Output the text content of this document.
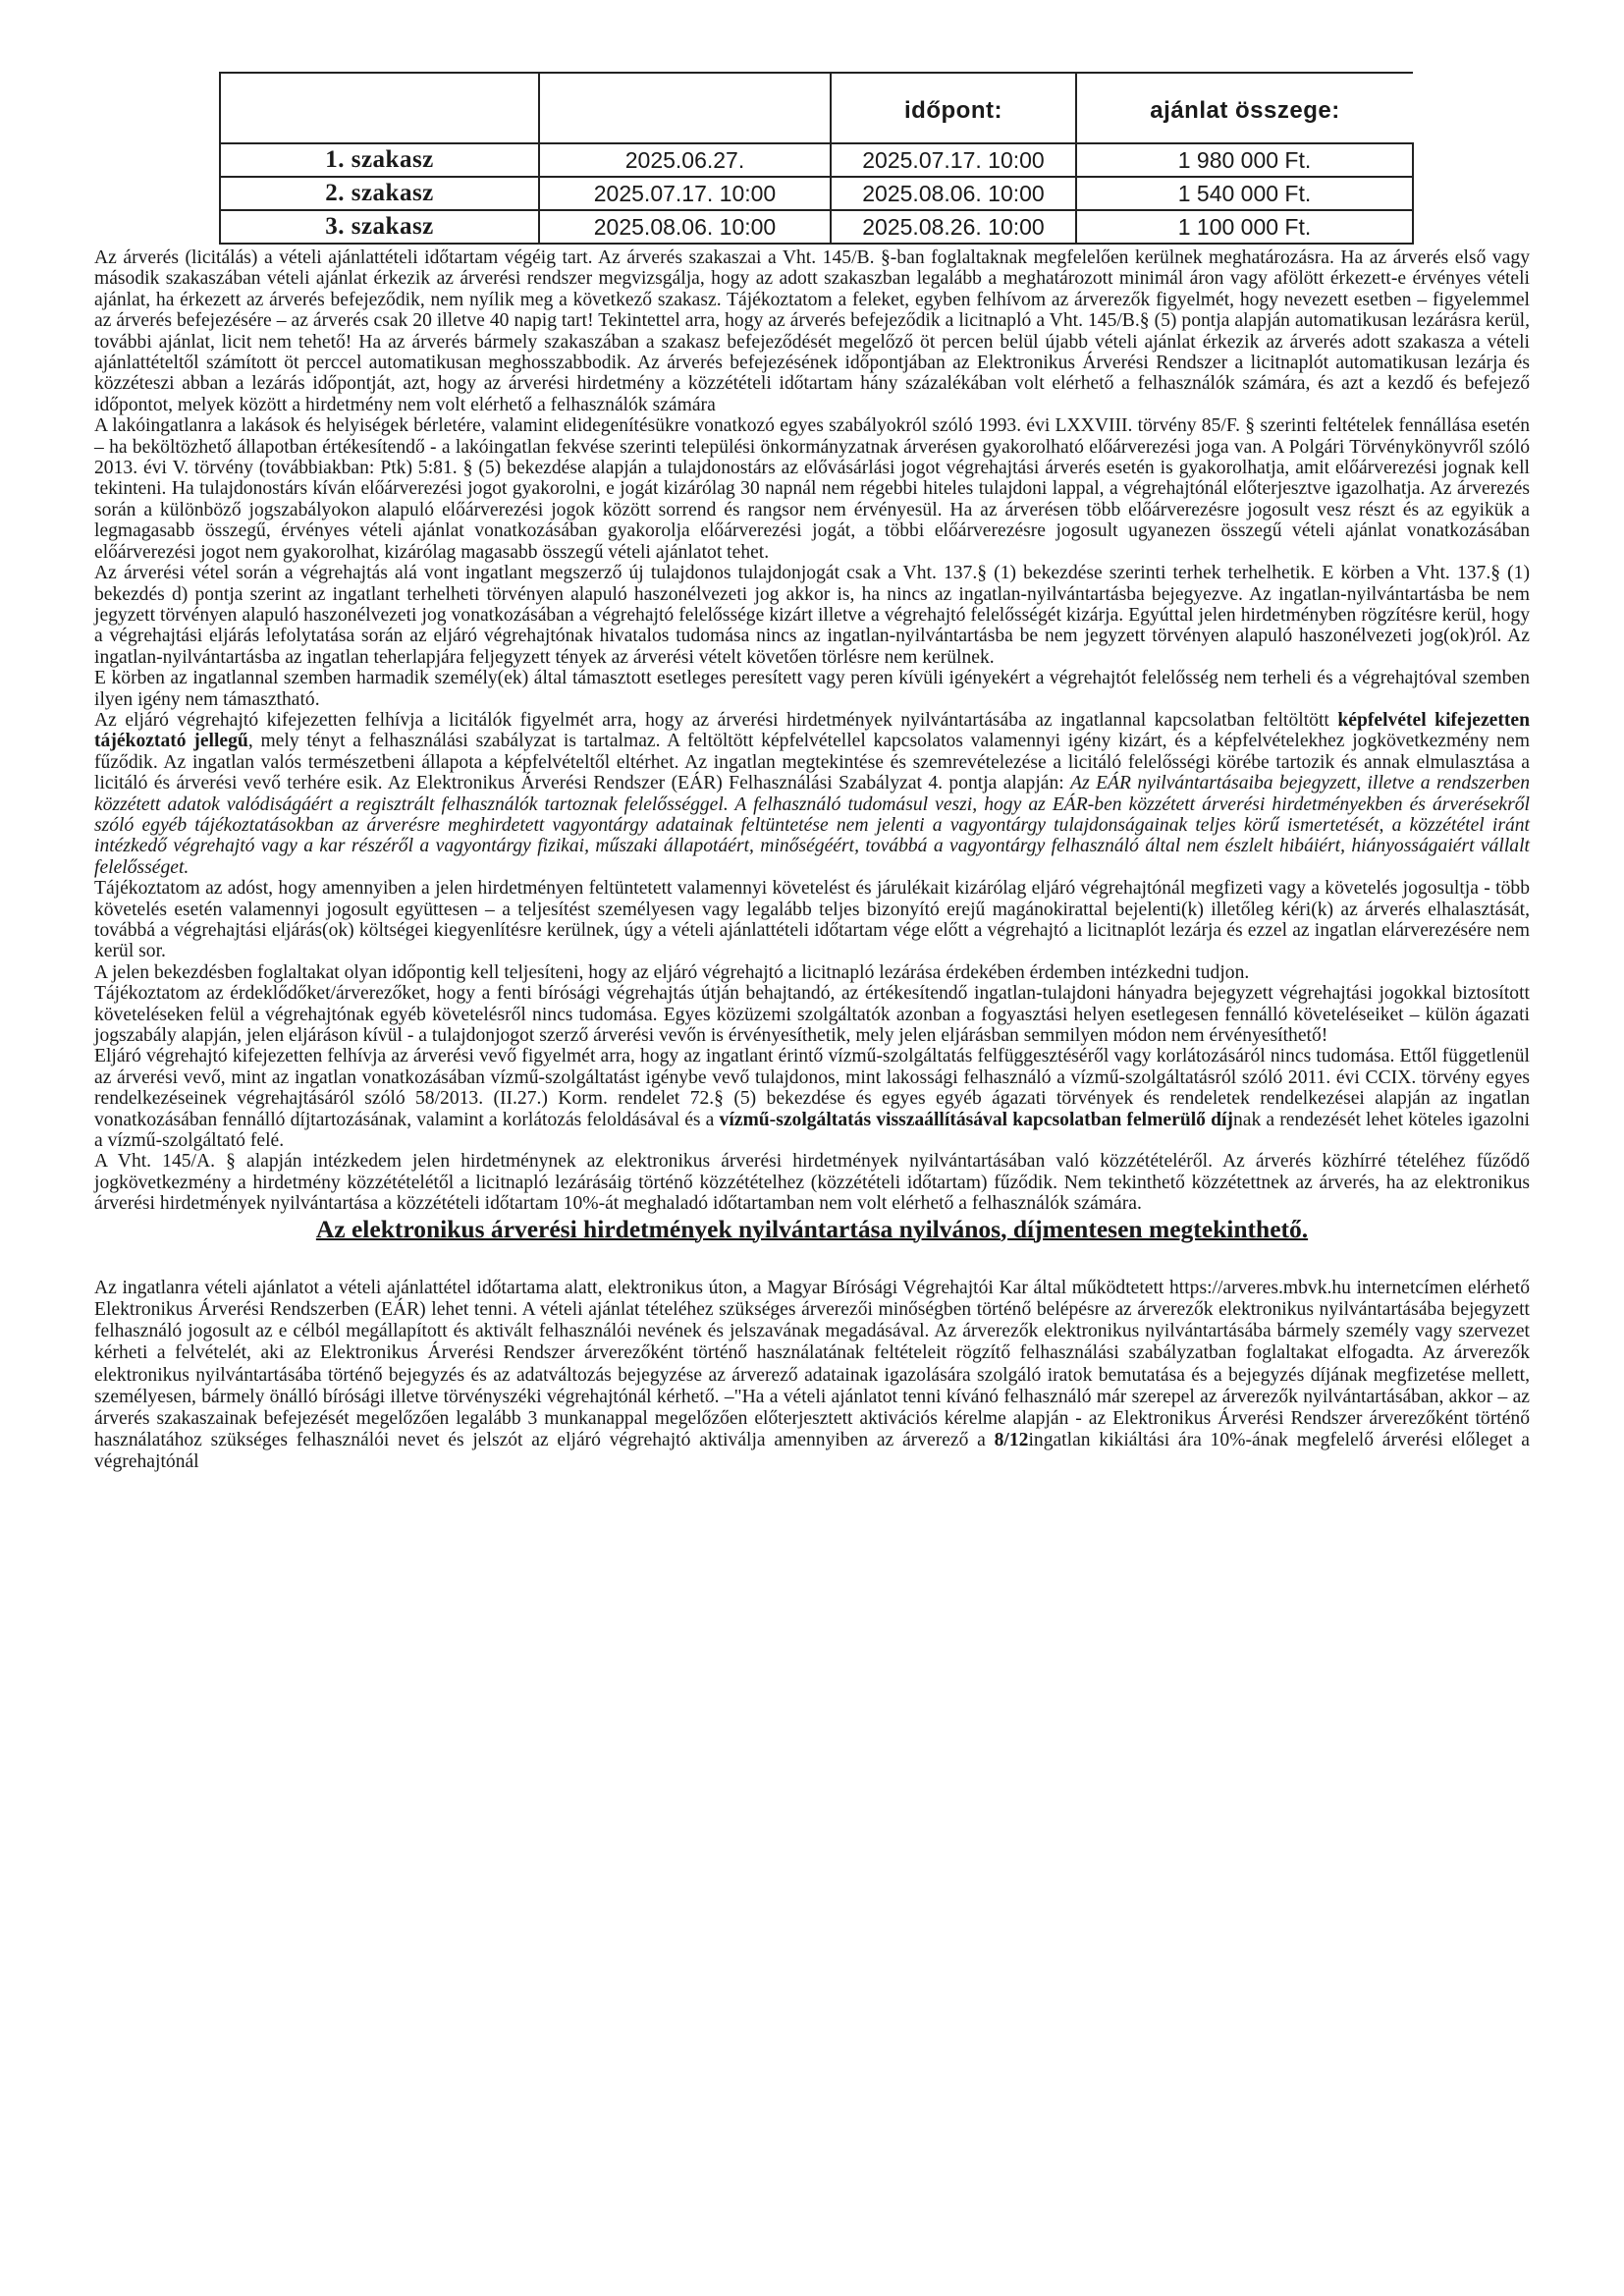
		időpont:	ajánlat összege:
1. szakasz	2025.06.27.	2025.07.17. 10:00	1 980 000 Ft.
2. szakasz	2025.07.17. 10:00	2025.08.06. 10:00	1 540 000 Ft.
3. szakasz	2025.08.06. 10:00	2025.08.26. 10:00	1 100 000 Ft.

Az árverés (licitálás) a vételi ajánlattételi időtartam végéig tart. Az árverés szakaszai a Vht. 145/B. §-ban foglaltaknak megfelelően kerülnek meghatározásra. Ha az árverés első vagy második szakaszában vételi ajánlat érkezik az árverési rendszer megvizsgálja, hogy az adott szakaszban legalább a meghatározott minimál áron vagy afölött érkezett-e érvényes vételi ajánlat, ha érkezett az árverés befejeződik, nem nyílik meg a következő szakasz. Tájékoztatom a feleket, egyben felhívom az árverezők figyelmét, hogy nevezett esetben – figyelemmel az árverés befejezésére – az árverés csak 20 illetve 40 napig tart! Tekintettel arra, hogy az árverés befejeződik a licitnapló a Vht. 145/B.§ (5) pontja alapján automatikusan lezárásra kerül, további ajánlat, licit nem tehető! Ha az árverés bármely szakaszában a szakasz befejeződését megelőző öt percen belül újabb vételi ajánlat érkezik az árverés adott szakasza a vételi ajánlattételtől számított öt perccel automatikusan meghosszabbodik. Az árverés befejezésének időpontjában az Elektronikus Árverési Rendszer a licitnaplót automatikusan lezárja és közzéteszi abban a lezárás időpontját, azt, hogy az árverési hirdetmény a közzétételi időtartam hány százalékában volt elérhető a felhasználók számára, és azt a kezdő és befejező időpontot, melyek között a hirdetmény nem volt elérhető a felhasználók számára

A lakóingatlanra a lakások és helyiségek bérletére, valamint elidegenítésükre vonatkozó egyes szabályokról szóló 1993. évi LXXVIII. törvény 85/F. § szerinti feltételek fennállása esetén – ha beköltözhető állapotban értékesítendő - a lakóingatlan fekvése szerinti települési önkormányzatnak árverésen gyakorolható előárverezési joga van. A Polgári Törvénykönyvről szóló 2013. évi V. törvény (továbbiakban: Ptk) 5:81. § (5) bekezdése alapján a tulajdonostárs az elővásárlási jogot végrehajtási árverés esetén is gyakorolhatja, amit előárverezési jognak kell tekinteni. Ha tulajdonostárs kíván előárverezési jogot gyakorolni, e jogát kizárólag 30 napnál nem régebbi hiteles tulajdoni lappal, a végrehajtónál előterjesztve igazolhatja. Az árverezés során a különböző jogszabályokon alapuló előárverezési jogok között sorrend és rangsor nem érvényesül. Ha az árverésen több előárverezésre jogosult vesz részt és az egyikük a legmagasabb összegű, érvényes vételi ajánlat vonatkozásában gyakorolja előárverezési jogát, a többi előárverezésre jogosult ugyanezen összegű vételi ajánlat vonatkozásában előárverezési jogot nem gyakorolhat, kizárólag magasabb összegű vételi ajánlatot tehet.

Az árverési vétel során a végrehajtás alá vont ingatlant megszerző új tulajdonos tulajdonjogát csak a Vht. 137.§ (1) bekezdése szerinti terhek terhelhetik. E körben a Vht. 137.§ (1) bekezdés d) pontja szerint az ingatlant terhelheti törvényen alapuló haszonélvezeti jog akkor is, ha nincs az ingatlan-nyilvántartásba bejegyezve. Az ingatlan-nyilvántartásba be nem jegyzett törvényen alapuló haszonélvezeti jog vonatkozásában a végrehajtó felelőssége kizárt illetve a végrehajtó felelősségét kizárja. Egyúttal jelen hirdetményben rögzítésre kerül, hogy a végrehajtási eljárás lefolytatása során az eljáró végrehajtónak hivatalos tudomása nincs az ingatlan-nyilvántartásba be nem jegyzett törvényen alapuló haszonélvezeti jog(ok)ról. Az ingatlan-nyilvántartásba az ingatlan teherlapjára feljegyzett tények az árverési vételt követően törlésre nem kerülnek.

E körben az ingatlannal szemben harmadik személy(ek) által támasztott esetleges peresített vagy peren kívüli igényekért a végrehajtót felelősség nem terheli és a végrehajtóval szemben ilyen igény nem támasztható.

Az eljáró végrehajtó kifejezetten felhívja a licitálók figyelmét arra, hogy az árverési hirdetmények nyilvántartásába az ingatlannal kapcsolatban feltöltött képfelvétel kifejezetten tájékoztató jellegű, mely tényt a felhasználási szabályzat is tartalmaz. A feltöltött képfelvétellel kapcsolatos valamennyi igény kizárt, és a képfelvételekhez jogkövetkezmény nem fűződik. Az ingatlan valós természetbeni állapota a képfelvételtől eltérhet. Az ingatlan megtekintése és szemrevételezése a licitáló felelősségi körébe tartozik és annak elmulasztása a licitáló és árverési vevő terhére esik. Az Elektronikus Árverési Rendszer (EÁR) Felhasználási Szabályzat 4. pontja alapján: Az EÁR nyilvántartásaiba bejegyzett, illetve a rendszerben közzétett adatok valódiságáért a regisztrált felhasználók tartoznak felelősséggel. A felhasználó tudomásul veszi, hogy az EÁR-ben közzétett árverési hirdetményekben és árverésekről szóló egyéb tájékoztatásokban az árverésre meghirdetett vagyontárgy adatainak feltüntetése nem jelenti a vagyontárgy tulajdonságainak teljes körű ismertetését, a közzététel iránt intézkedő végrehajtó vagy a kar részéről a vagyontárgy fizikai, műszaki állapotáért, minőségéért, továbbá a vagyontárgy felhasználó által nem észlelt hibáiért, hiányosságaiért vállalt felelősséget.

Tájékoztatom az adóst, hogy amennyiben a jelen hirdetményen feltüntetett valamennyi követelést és járulékait kizárólag eljáró végrehajtónál megfizeti vagy a követelés jogosultja - több követelés esetén valamennyi jogosult együttesen – a teljesítést személyesen vagy legalább teljes bizonyító erejű magánokirattal bejelenti(k) illetőleg kéri(k) az árverés elhalasztását, továbbá a végrehajtási eljárás(ok) költségei kiegyenlítésre kerülnek, úgy a vételi ajánlattételi időtartam vége előtt a végrehajtó a licitnaplót lezárja és ezzel az ingatlan elárverezésére nem kerül sor.

A jelen bekezdésben foglaltakat olyan időpontig kell teljesíteni, hogy az eljáró végrehajtó a licitnapló lezárása érdekében érdemben intézkedni tudjon.

Tájékoztatom az érdeklődőket/árverezőket, hogy a fenti bírósági végrehajtás útján behajtandó, az értékesítendő ingatlan-tulajdoni hányadra bejegyzett végrehajtási jogokkal biztosított követeléseken felül a végrehajtónak egyéb követelésről nincs tudomása. Egyes közüzemi szolgáltatók azonban a fogyasztási helyen esetlegesen fennálló követeléseiket – külön ágazati jogszabály alapján, jelen eljáráson kívül - a tulajdonjogot szerző árverési vevőn is érvényesíthetik, mely jelen eljárásban semmilyen módon nem érvényesíthető!

Eljáró végrehajtó kifejezetten felhívja az árverési vevő figyelmét arra, hogy az ingatlant érintő vízmű-szolgáltatás felfüggesztéséről vagy korlátozásáról nincs tudomása. Ettől függetlenül az árverési vevő, mint az ingatlan vonatkozásában vízmű-szolgáltatást igénybe vevő tulajdonos, mint lakossági felhasználó a vízmű-szolgáltatásról szóló 2011. évi CCIX. törvény egyes rendelkezéseinek végrehajtásáról szóló 58/2013. (II.27.) Korm. rendelet 72.§ (5) bekezdése és egyes egyéb ágazati törvények és rendeletek rendelkezései alapján az ingatlan vonatkozásában fennálló díjtartozásának, valamint a korlátozás feloldásával és a vízmű-szolgáltatás visszaállításával kapcsolatban felmerülő díjnak a rendezését lehet köteles igazolni a vízmű-szolgáltató felé.

A Vht. 145/A. § alapján intézkedem jelen hirdetménynek az elektronikus árverési hirdetmények nyilvántartásában való közzétételéről. Az árverés közhírré tételéhez fűződő jogkövetkezmény a hirdetmény közzétételétől a licitnapló lezárásáig történő közzétételhez (közzétételi időtartam) fűződik. Nem tekinthető közzétettnek az árverés, ha az elektronikus árverési hirdetmények nyilvántartása a közzétételi időtartam 10%-át meghaladó időtartamban nem volt elérhető a felhasználók számára.

Az elektronikus árverési hirdetmények nyilvántartása nyilvános, díjmentesen megtekinthető.

Az ingatlanra vételi ajánlatot a vételi ajánlattétel időtartama alatt, elektronikus úton, a Magyar Bírósági Végrehajtói Kar által működtetett https://arveres.mbvk.hu internetcímen elérhető Elektronikus Árverési Rendszerben (EÁR) lehet tenni. A vételi ajánlat tételéhez szükséges árverezői minőségben történő belépésre az árverezők elektronikus nyilvántartásába bejegyzett felhasználó jogosult az e célból megállapított és aktivált felhasználói nevének és jelszavának megadásával. Az árverezők elektronikus nyilvántartásába bármely személy vagy szervezet kérheti a felvételét, aki az Elektronikus Árverési Rendszer árverezőként történő használatának feltételeit rögzítő felhasználási szabályzatban foglaltakat elfogadta. Az árverezők elektronikus nyilvántartásába történő bejegyzés és az adatváltozás bejegyzése az árverező adatainak igazolására szolgáló iratok bemutatása és a bejegyzés díjának megfizetése mellett, személyesen, bármely önálló bírósági illetve törvényszéki végrehajtónál kérhető. –"Ha a vételi ajánlatot tenni kívánó felhasználó már szerepel az árverezők nyilvántartásában, akkor – az árverés szakaszainak befejezését megelőzően legalább 3 munkanappal megelőzően előterjesztett aktivációs kérelme alapján - az Elektronikus Árverési Rendszer árverezőként történő használatához szükséges felhasználói nevet és jelszót az eljáró végrehajtó aktiválja amennyiben az árverező a 8/12ingatlan kikiáltási ára 10%-ának megfelelő árverési előleget a végrehajtónál
